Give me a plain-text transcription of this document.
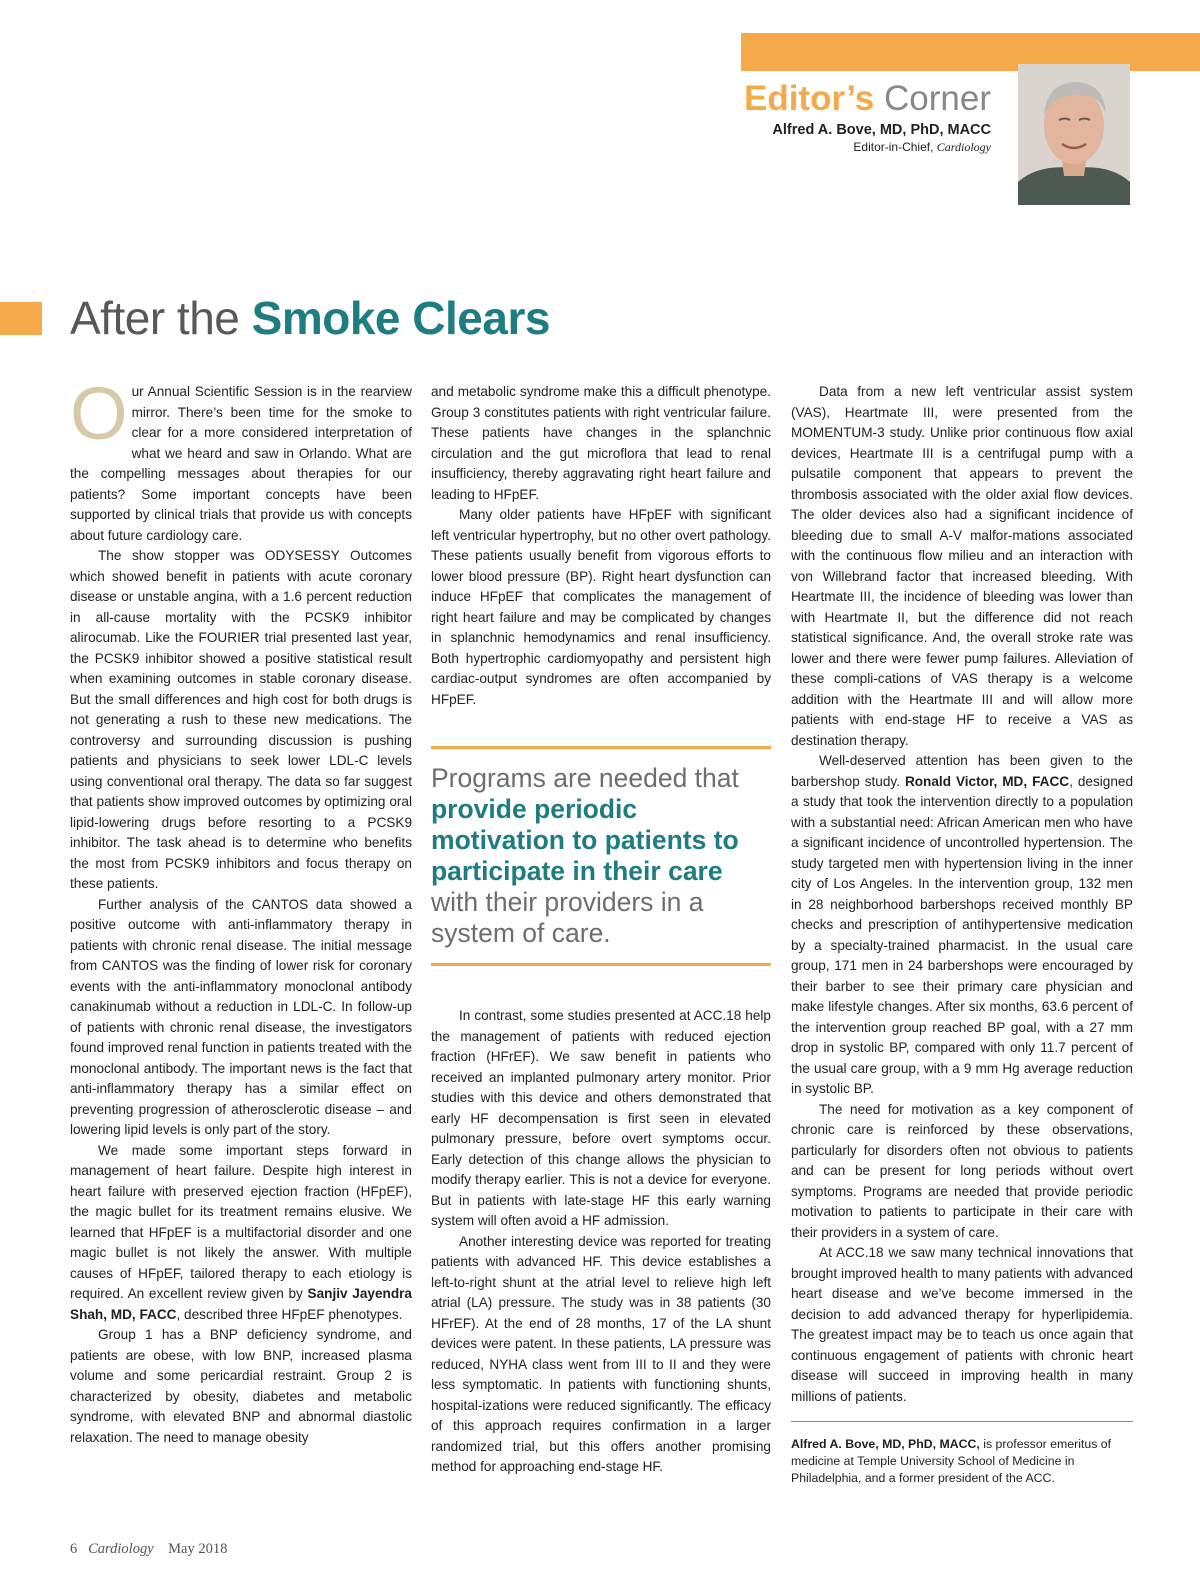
Editor’s Corner
Alfred A. Bove, MD, PhD, MACC
Editor-in-Chief, Cardiology
After the Smoke Clears

Our Annual Scientific Session is in the rearview mirror. There’s been time for the smoke to clear for a more considered interpretation of what we heard and saw in Orlando. What are the compelling messages about therapies for our patients? Some important concepts have been supported by clinical trials that provide us with concepts about future cardiology care.

The show stopper was ODYSESSY Outcomes which showed benefit in patients with acute coronary disease or unstable angina, with a 1.6 percent reduction in all-cause mortality with the PCSK9 inhibitor alirocumab. Like the FOURIER trial presented last year, the PCSK9 inhibitor showed a positive statistical result when examining outcomes in stable coronary disease. But the small differences and high cost for both drugs is not generating a rush to these new medications. The controversy and surrounding discussion is pushing patients and physicians to seek lower LDL-C levels using conventional oral therapy. The data so far suggest that patients show improved outcomes by optimizing oral lipid-lowering drugs before resorting to a PCSK9 inhibitor. The task ahead is to determine who benefits the most from PCSK9 inhibitors and focus therapy on these patients.

Further analysis of the CANTOS data showed a positive outcome with anti-inflammatory therapy in patients with chronic renal disease. The initial message from CANTOS was the finding of lower risk for coronary events with the anti-inflammatory monoclonal antibody canakinumab without a reduction in LDL-C. In follow-up of patients with chronic renal disease, the investigators found improved renal function in patients treated with the monoclonal antibody. The important news is the fact that anti-inflammatory therapy has a similar effect on preventing progression of atherosclerotic disease – and lowering lipid levels is only part of the story.

We made some important steps forward in management of heart failure. Despite high interest in heart failure with preserved ejection fraction (HFpEF), the magic bullet for its treatment remains elusive. We learned that HFpEF is a multifactorial disorder and one magic bullet is not likely the answer. With multiple causes of HFpEF, tailored therapy to each etiology is required. An excellent review given by Sanjiv Jayendra Shah, MD, FACC, described three HFpEF phenotypes.

Group 1 has a BNP deficiency syndrome, and patients are obese, with low BNP, increased plasma volume and some pericardial restraint. Group 2 is characterized by obesity, diabetes and metabolic syndrome, with elevated BNP and abnormal diastolic relaxation. The need to manage obesity

and metabolic syndrome make this a difficult phenotype. Group 3 constitutes patients with right ventricular failure. These patients have changes in the splanchnic circulation and the gut microflora that lead to renal insufficiency, thereby aggravating right heart failure and leading to HFpEF.

Many older patients have HFpEF with significant left ventricular hypertrophy, but no other overt pathology. These patients usually benefit from vigorous efforts to lower blood pressure (BP). Right heart dysfunction can induce HFpEF that complicates the management of right heart failure and may be complicated by changes in splanchnic hemodynamics and renal insufficiency. Both hypertrophic cardiomyopathy and persistent high cardiac-output syndromes are often accompanied by HFpEF.

Programs are needed that provide periodic motivation to patients to participate in their care with their providers in a system of care.

In contrast, some studies presented at ACC.18 help the management of patients with reduced ejection fraction (HFrEF). We saw benefit in patients who received an implanted pulmonary artery monitor. Prior studies with this device and others demonstrated that early HF decompensation is first seen in elevated pulmonary pressure, before overt symptoms occur. Early detection of this change allows the physician to modify therapy earlier. This is not a device for everyone. But in patients with late-stage HF this early warning system will often avoid a HF admission.

Another interesting device was reported for treating patients with advanced HF. This device establishes a left-to-right shunt at the atrial level to relieve high left atrial (LA) pressure. The study was in 38 patients (30 HFrEF). At the end of 28 months, 17 of the LA shunt devices were patent. In these patients, LA pressure was reduced, NYHA class went from III to II and they were less symptomatic. In patients with functioning shunts, hospital-izations were reduced significantly. The efficacy of this approach requires confirmation in a larger randomized trial, but this offers another promising method for approaching end-stage HF.

Data from a new left ventricular assist system (VAS), Heartmate III, were presented from the MOMENTUM-3 study. Unlike prior continuous flow axial devices, Heartmate III is a centrifugal pump with a pulsatile component that appears to prevent the thrombosis associated with the older axial flow devices. The older devices also had a significant incidence of bleeding due to small A-V malfor-mations associated with the continuous flow milieu and an interaction with von Willebrand factor that increased bleeding. With Heartmate III, the incidence of bleeding was lower than with Heartmate II, but the difference did not reach statistical significance. And, the overall stroke rate was lower and there were fewer pump failures. Alleviation of these compli-cations of VAS therapy is a welcome addition with the Heartmate III and will allow more patients with end-stage HF to receive a VAS as destination therapy.

Well-deserved attention has been given to the barbershop study. Ronald Victor, MD, FACC, designed a study that took the intervention directly to a population with a substantial need: African American men who have a significant incidence of uncontrolled hypertension. The study targeted men with hypertension living in the inner city of Los Angeles. In the intervention group, 132 men in 28 neighborhood barbershops received monthly BP checks and prescription of antihypertensive medication by a specialty-trained pharmacist. In the usual care group, 171 men in 24 barbershops were encouraged by their barber to see their primary care physician and make lifestyle changes. After six months, 63.6 percent of the intervention group reached BP goal, with a 27 mm drop in systolic BP, compared with only 11.7 percent of the usual care group, with a 9 mm Hg average reduction in systolic BP.

The need for motivation as a key component of chronic care is reinforced by these observations, particularly for disorders often not obvious to patients and can be present for long periods without overt symptoms. Programs are needed that provide periodic motivation to patients to participate in their care with their providers in a system of care.

At ACC.18 we saw many technical innovations that brought improved health to many patients with advanced heart disease and we’ve become immersed in the decision to add advanced therapy for hyperlipidemia. The greatest impact may be to teach us once again that continuous engagement of patients with chronic heart disease will succeed in improving health in many millions of patients.

Alfred A. Bove, MD, PhD, MACC, is professor emeritus of medicine at Temple University School of Medicine in Philadelphia, and a former president of the ACC.
6 Cardiology May 2018
